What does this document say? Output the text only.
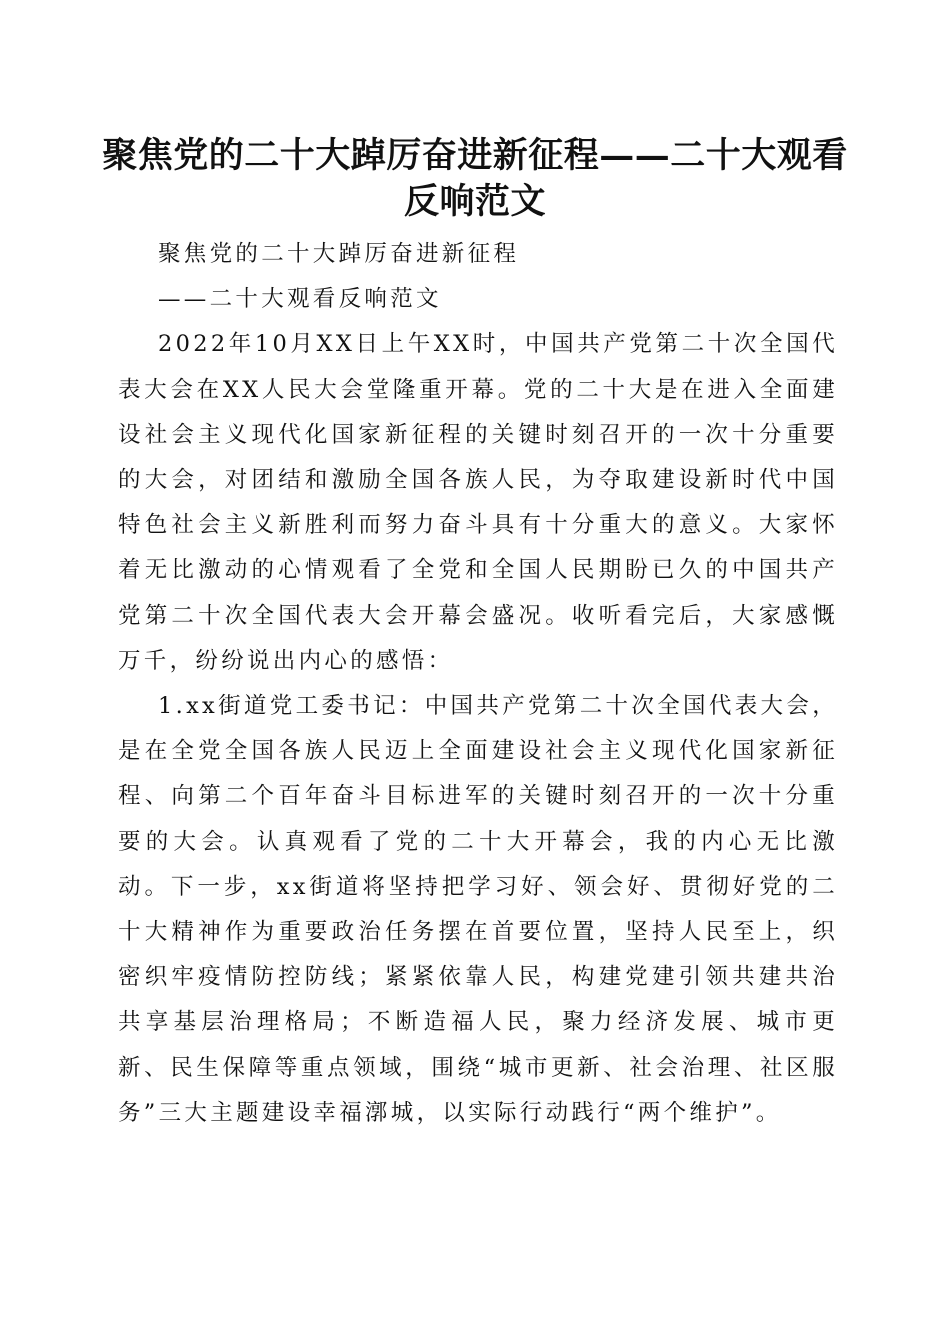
聚焦党的二十大踔厉奋进新征程——二十大观看反响范文

聚焦党的二十大踔厉奋进新征程

——二十大观看反响范文

2022年10月XX日上午XX时，中国共产党第二十次全国代表大会在XX人民大会堂隆重开幕。党的二十大是在进入全面建设社会主义现代化国家新征程的关键时刻召开的一次十分重要的大会，对团结和激励全国各族人民，为夺取建设新时代中国特色社会主义新胜利而努力奋斗具有十分重大的意义。大家怀着无比激动的心情观看了全党和全国人民期盼已久的中国共产党第二十次全国代表大会开幕会盛况。收听看完后，大家感慨万千，纷纷说出内心的感悟：

1.xx街道党工委书记：中国共产党第二十次全国代表大会，是在全党全国各族人民迈上全面建设社会主义现代化国家新征程、向第二个百年奋斗目标进军的关键时刻召开的一次十分重要的大会。认真观看了党的二十大开幕会，我的内心无比激动。下一步，xx街道将坚持把学习好、领会好、贯彻好党的二十大精神作为重要政治任务摆在首要位置，坚持人民至上，织密织牢疫情防控防线；紧紧依靠人民，构建党建引领共建共治共享基层治理格局；不断造福人民，聚力经济发展、城市更新、民生保障等重点领域，围绕“城市更新、社会治理、社区服务”三大主题建设幸福漷城，以实际行动践行“两个维护”。
